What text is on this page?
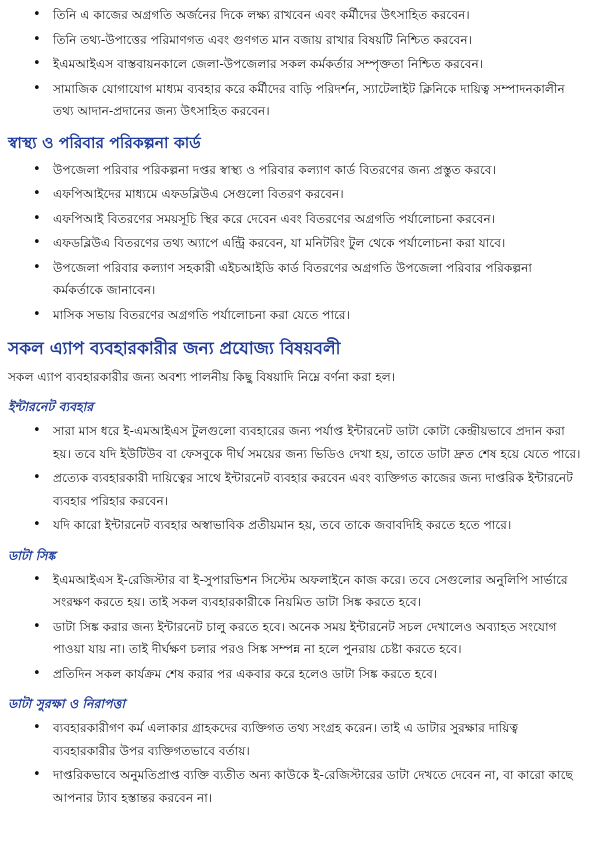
• তিনি এ কাজের অগ্রগতি অর্জনের দিকে লক্ষ্য রাখবেন এবং কর্মীদের উৎসাহিত করবেন।
• তিনি তথ্য-উপাত্তের পরিমাণগত এবং গুণগত মান বজায় রাখার বিষয়টি নিশ্চিত করবেন।
• ইএমআইএস বাস্তবায়নকালে জেলা-উপজেলার সকল কর্মকর্তার সম্পৃক্ততা নিশ্চিত করবেন।
• সামাজিক যোগাযোগ মাধ্যম ব্যবহার করে কর্মীদের বাড়ি পরিদর্শন, স্যাটেলাইট ক্লিনিকে দায়িত্ব সম্পাদনকালীন তথ্য আদান-প্রদানের জন্য উৎসাহিত করবেন।
স্বাস্থ্য ও পরিবার পরিকল্পনা কার্ড
• উপজেলা পরিবার পরিকল্পনা দপ্তর স্বাস্থ্য ও পরিবার কল্যাণ কার্ড বিতরণের জন্য প্রস্তুত করবে।
• এফপিআইদের মাধ্যমে এফডব্লিউএ সেগুলো বিতরণ করবেন।
• এফপিআই বিতরণের সময়সূচি স্থির করে দেবেন এবং বিতরণের অগ্রগতি পর্যালোচনা করবেন।
• এফডব্লিউএ বিতরণের তথ্য অ্যাপে এন্ট্রি করবেন, যা মনিটরিং টুল থেকে পর্যালোচনা করা যাবে।
• উপজেলা পরিবার কল্যাণ সহকারী এইচআইডি কার্ড বিতরণের অগ্রগতি উপজেলা পরিবার পরিকল্পনা কর্মকর্তাকে জানাবেন।
• মাসিক সভায় বিতরণের অগ্রগতি পর্যালোচনা করা যেতে পারে।
সকল এ্যাপ ব্যবহারকারীর জন্য প্রযোজ্য বিষয়বলী
সকল এ্যাপ ব্যবহারকারীর জন্য অবশ্য পালনীয় কিছু বিষয়াদি নিম্নে বর্ণনা করা হল।
ইন্টারনেট ব্যবহার
• সারা মাস ধরে ই-এমআইএস টুলগুলো ব্যবহারের জন্য পর্যাপ্ত ইন্টারনেট ডাটা কোটা কেন্দ্রীয়ভাবে প্রদান করা হয়। তবে যদি ইউটিউব বা ফেসবুকে দীর্ঘ সময়ের জন্য ভিডিও দেখা হয়, তাতে ডাটা দ্রুত শেষ হয়ে যেতে পারে।
• প্রত্যেক ব্যবহারকারী দায়িত্বের সাথে ইন্টারনেট ব্যবহার করবেন এবং ব্যক্তিগত কাজের জন্য দাপ্তরিক ইন্টারনেট ব্যবহার পরিহার করবেন।
• যদি কারো ইন্টারনেট ব্যবহার অস্বাভাবিক প্রতীয়মান হয়, তবে তাকে জবাবদিহি করতে হতে পারে।
ডাটা সিঙ্ক
• ইএমআইএস ই-রেজিস্টার বা ই-সুপারভিশন সিস্টেম অফলাইনে কাজ করে। তবে সেগুলোর অনুলিপি সার্ভারে সংরক্ষণ করতে হয়। তাই সকল ব্যবহারকারীকে নিয়মিত ডাটা সিঙ্ক করতে হবে।
• ডাটা সিঙ্ক করার জন্য ইন্টারনেট চালু করতে হবে। অনেক সময় ইন্টারনেট সচল দেখালেও অব্যাহত সংযোগ পাওয়া যায় না। তাই দীর্ঘক্ষণ চলার পরও সিঙ্ক সম্পন্ন না হলে পুনরায় চেষ্টা করতে হবে।
• প্রতিদিন সকল কার্যক্রম শেষ করার পর একবার করে হলেও ডাটা সিঙ্ক করতে হবে।
ডাটা সুরক্ষা ও নিরাপত্তা
• ব্যবহারকারীগণ কর্ম এলাকার গ্রাহকদের ব্যক্তিগত তথ্য সংগ্রহ করেন। তাই এ ডাটার সুরক্ষার দায়িত্ব ব্যবহারকারীর উপর ব্যক্তিগতভাবে বর্তায়।
• দাপ্তরিকভাবে অনুমতিপ্রাপ্ত ব্যক্তি ব্যতীত অন্য কাউকে ই-রেজিস্টারের ডাটা দেখতে দেবেন না, বা কারো কাছে আপনার ট্যাব হস্তান্তর করবেন না।
